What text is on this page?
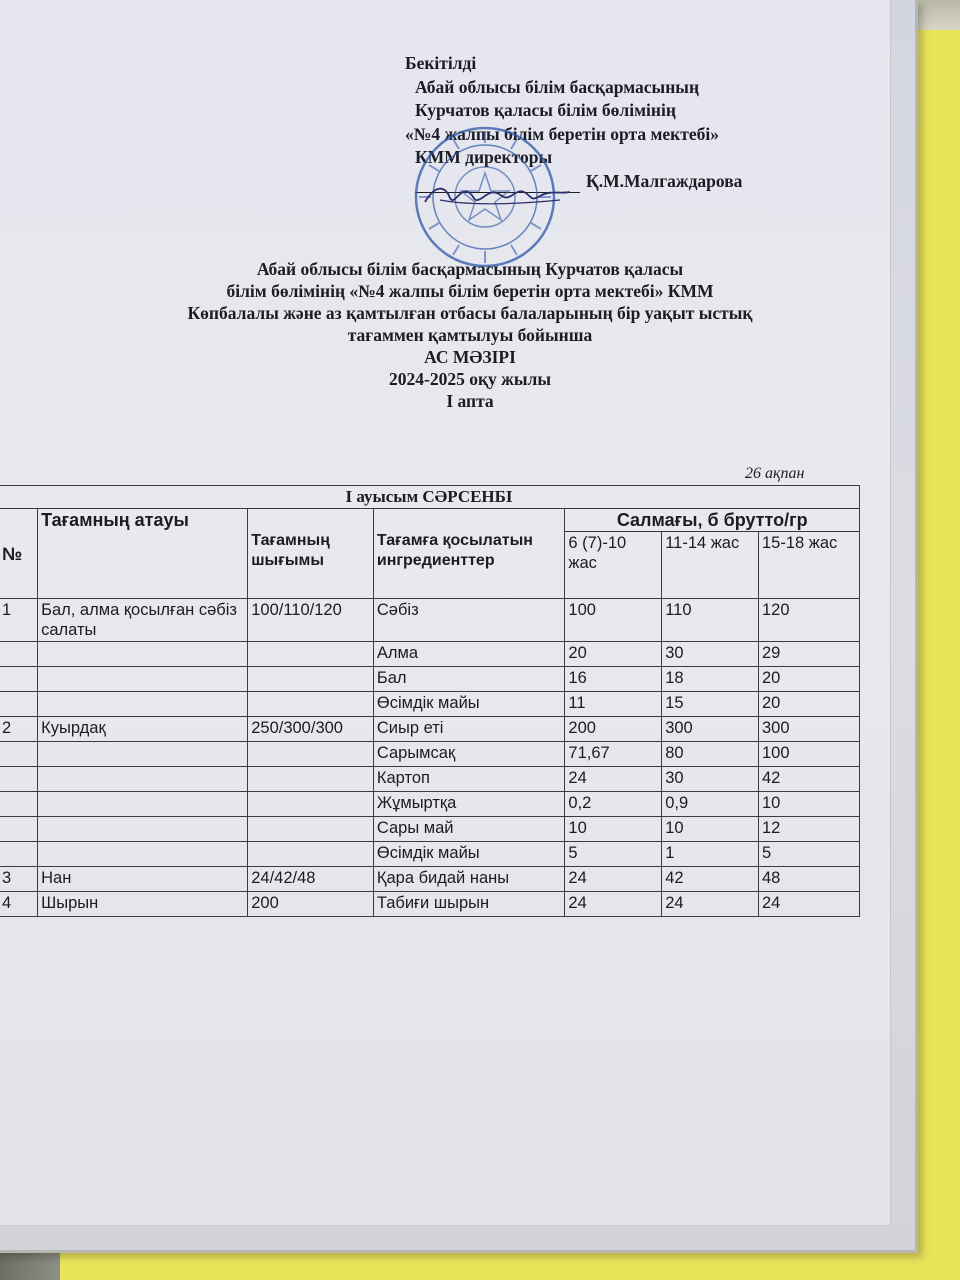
Бекітілді
Абай облысы білім басқармасының
Курчатов қаласы білім бөлімінің
«№4 жалпы білім беретін орта мектебі»
КММ директоры
Қ.М.Малгаждарова
Абай облысы білім басқармасының Курчатов қаласы
білім бөлімінің «№4 жалпы білім беретін орта мектебі» КММ
Көпбалалы және аз қамтылған отбасы балаларының бір уақыт ыстық
тағаммен қамтылуы бойынша
АС МӘЗІРІ
2024-2025 оқу жылы
I апта
26 ақпан
I ауысым СӘРСЕНБІ						
№	Тағамның атауы	Тағамның шығымы	Тағамға қосылатын ингредиенттер	Салмағы, б брутто/гр		
				6 (7)-10 жас	11-14 жас	15-18 жас
1	Бал, алма қосылған сәбіз салаты	100/110/120	Сәбіз	100	110	120
			Алма	20	30	29
			Бал	16	18	20
			Өсімдік майы	11	15	20
2	Куырдақ	250/300/300	Сиыр еті	200	300	300
			Сарымсақ	71,67	80	100
			Картоп	24	30	42
			Жұмыртқа	0,2	0,9	10
			Сары май	10	10	12
			Өсімдік майы	5	1	5
3	Нан	24/42/48	Қара бидай наны	24	42	48
4	Шырын	200	Табиғи шырын	24	24	24
